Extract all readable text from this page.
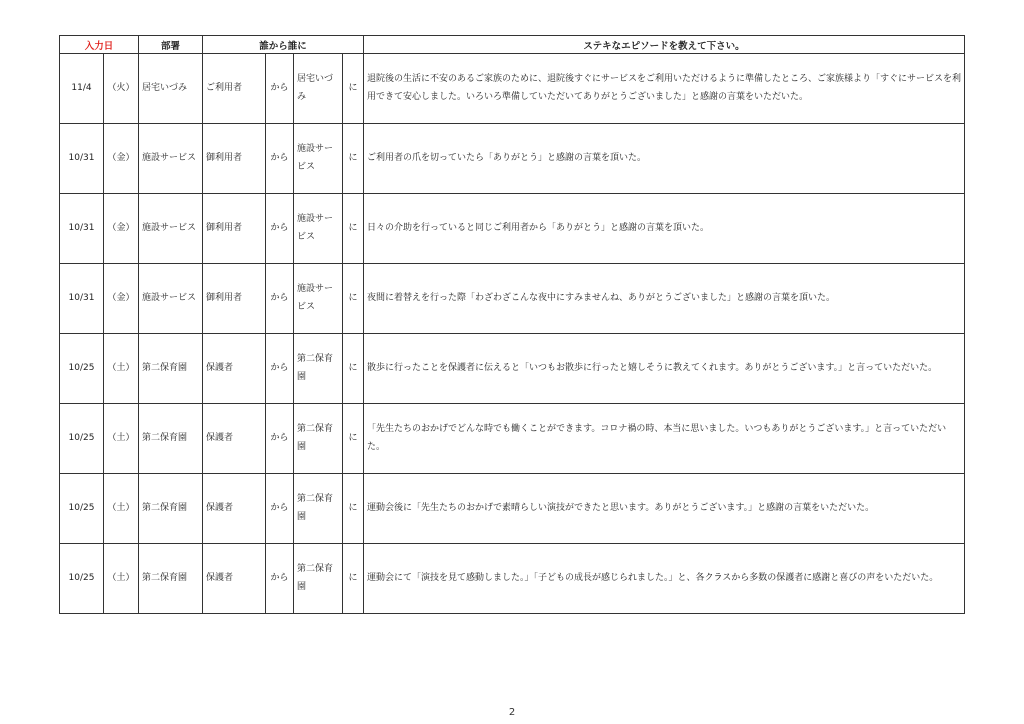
入力日		部署	誰から誰に				ステキなエピソードを教えて下さい。
11/4	（火）	居宅いづみ	ご利用者	から	居宅いづみ	に	退院後の生活に不安のあるご家族のために、退院後すぐにサービスをご利用いただけるように準備したところ、ご家族様より「すぐにサービスを利用できて安心しました。いろいろ準備していただいてありがとうございました」と感謝の言葉をいただいた。
10/31	（金）	施設サービス	御利用者	から	施設サービス	に	ご利用者の爪を切っていたら「ありがとう」と感謝の言葉を頂いた。
10/31	（金）	施設サービス	御利用者	から	施設サービス	に	日々の介助を行っていると同じご利用者から「ありがとう」と感謝の言葉を頂いた。
10/31	（金）	施設サービス	御利用者	から	施設サービス	に	夜間に着替えを行った際「わざわざこんな夜中にすみませんね、ありがとうございました」と感謝の言葉を頂いた。
10/25	（土）	第二保育園	保護者	から	第二保育園	に	散歩に行ったことを保護者に伝えると「いつもお散歩に行ったと嬉しそうに教えてくれます。ありがとうございます。」と言っていただいた。
10/25	（土）	第二保育園	保護者	から	第二保育園	に	「先生たちのおかげでどんな時でも働くことができます。コロナ禍の時、本当に思いました。いつもありがとうございます。」と言っていただいた。
10/25	（土）	第二保育園	保護者	から	第二保育園	に	運動会後に「先生たちのおかげで素晴らしい演技ができたと思います。ありがとうございます。」と感謝の言葉をいただいた。
10/25	（土）	第二保育園	保護者	から	第二保育園	に	運動会にて「演技を見て感動しました。」「子どもの成長が感じられました。」と、各クラスから多数の保護者に感謝と喜びの声をいただいた。
2
